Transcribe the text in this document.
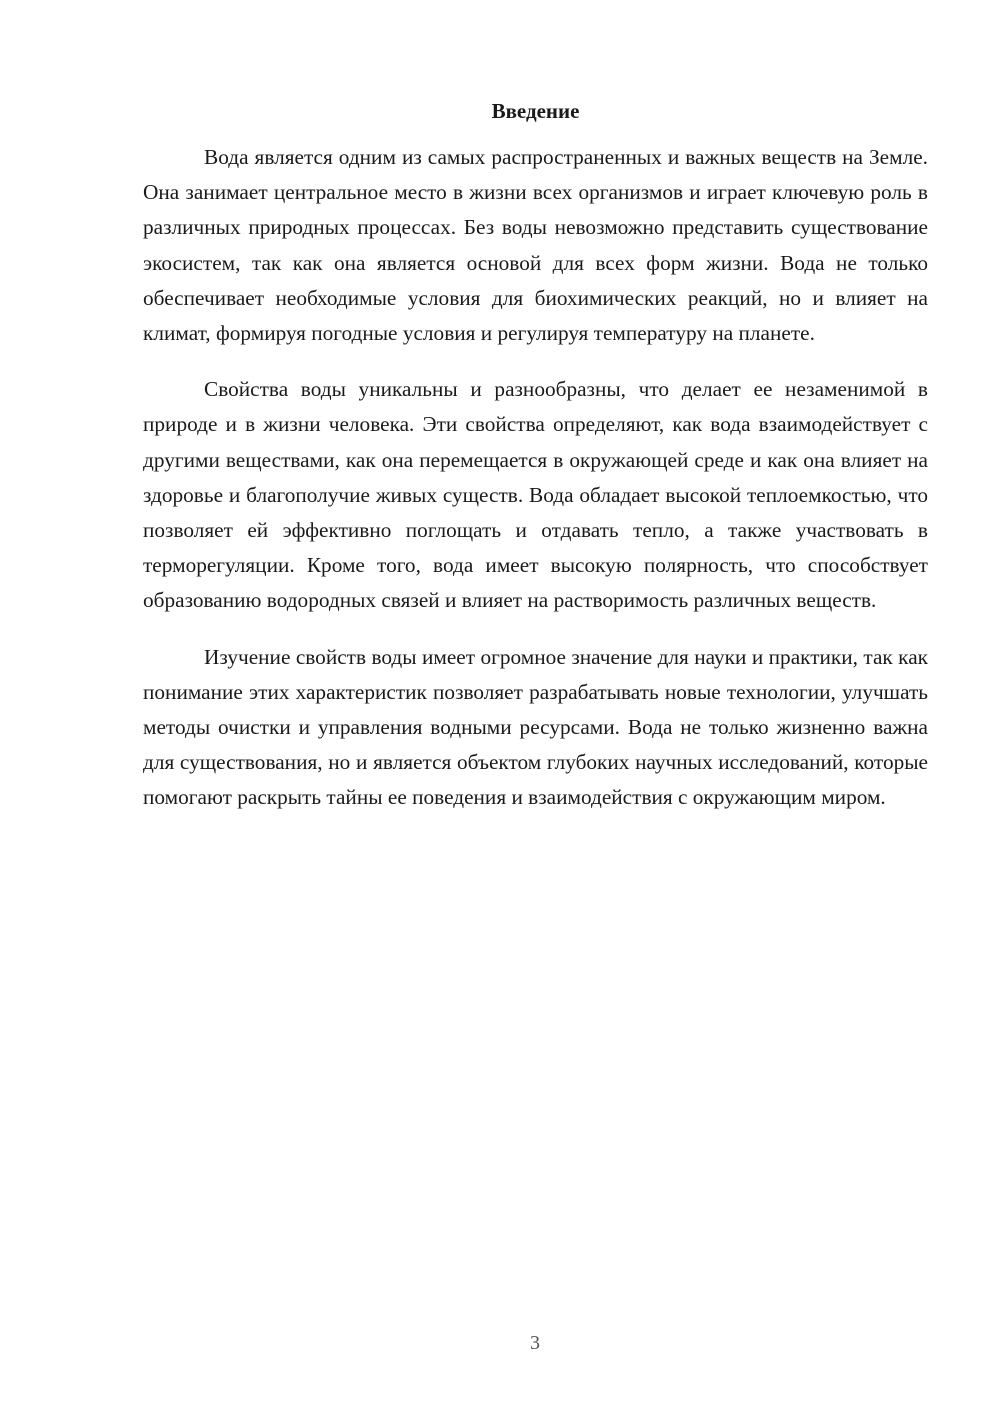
Введение

Вода является одним из самых распространенных и важных веществ на Земле. Она занимает центральное место в жизни всех организмов и играет ключевую роль в различных природных процессах. Без воды невозможно представить существование экосистем, так как она является основой для всех форм жизни. Вода не только обеспечивает необходимые условия для биохимических реакций, но и влияет на климат, формируя погодные условия и регулируя температуру на планете.

Свойства воды уникальны и разнообразны, что делает ее незаменимой в природе и в жизни человека. Эти свойства определяют, как вода взаимодействует с другими веществами, как она перемещается в окружающей среде и как она влияет на здоровье и благополучие живых существ. Вода обладает высокой теплоемкостью, что позволяет ей эффективно поглощать и отдавать тепло, а также участвовать в терморегуляции. Кроме того, вода имеет высокую полярность, что способствует образованию водородных связей и влияет на растворимость различных веществ.

Изучение свойств воды имеет огромное значение для науки и практики, так как понимание этих характеристик позволяет разрабатывать новые технологии, улучшать методы очистки и управления водными ресурсами. Вода не только жизненно важна для существования, но и является объектом глубоких научных исследований, которые помогают раскрыть тайны ее поведения и взаимодействия с окружающим миром.

3
